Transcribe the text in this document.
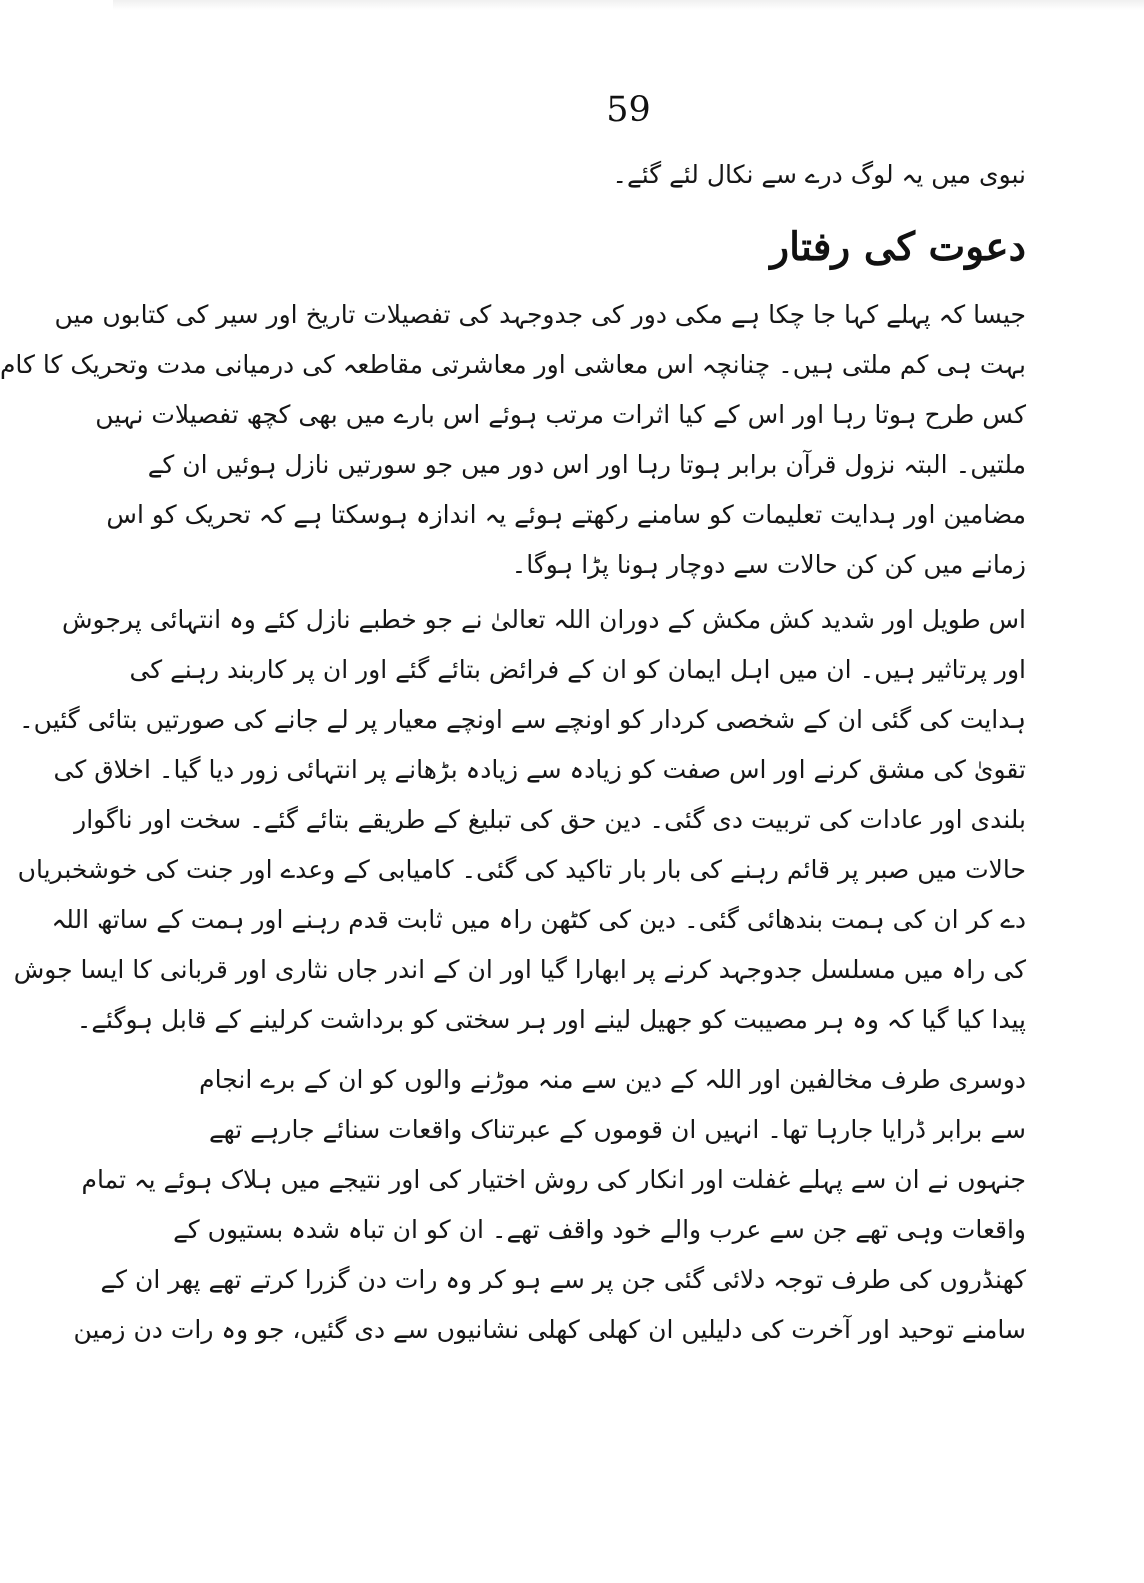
59
نبوی میں یہ لوگ درے سے نکال لئے گئے۔
دعوت کی رفتار
جیسا کہ پہلے کہا جا چکا ہے مکی دور کی جدوجہد کی تفصیلات تاریخ اور سیر کی کتابوں میں
بہت ہی کم ملتی ہیں۔ چنانچہ اس معاشی اور معاشرتی مقاطعہ کی درمیانی مدت وتحریک کا کام
کس طرح ہوتا رہا اور اس کے کیا اثرات مرتب ہوئے اس بارے میں بھی کچھ تفصیلات نہیں
ملتیں۔ البتہ نزول قرآن برابر ہوتا رہا اور اس دور میں جو سورتیں نازل ہوئیں ان کے
مضامین اور ہدایت تعلیمات کو سامنے رکھتے ہوئے یہ اندازہ ہوسکتا ہے کہ تحریک کو اس
زمانے میں کن کن حالات سے دوچار ہونا پڑا ہوگا۔
اس طویل اور شدید کش مکش کے دوران اللہ تعالیٰ نے جو خطبے نازل کئے وہ انتہائی پرجوش
اور پرتاثیر ہیں۔ ان میں اہل ایمان کو ان کے فرائض بتائے گئے اور ان پر کاربند رہنے کی
ہدایت کی گئی ان کے شخصی کردار کو اونچے سے اونچے معیار پر لے جانے کی صورتیں بتائی گئیں۔
تقویٰ کی مشق کرنے اور اس صفت کو زیادہ سے زیادہ بڑھانے پر انتہائی زور دیا گیا۔ اخلاق کی
بلندی اور عادات کی تربیت دی گئی۔ دین حق کی تبلیغ کے طریقے بتائے گئے۔ سخت اور ناگوار
حالات میں صبر پر قائم رہنے کی بار بار تاکید کی گئی۔ کامیابی کے وعدے اور جنت کی خوشخبریاں
دے کر ان کی ہمت بندھائی گئی۔ دین کی کٹھن راہ میں ثابت قدم رہنے اور ہمت کے ساتھ اللہ
کی راہ میں مسلسل جدوجہد کرنے پر ابھارا گیا اور ان کے اندر جاں نثاری اور قربانی کا ایسا جوش
پیدا کیا گیا کہ وہ ہر مصیبت کو جھیل لینے اور ہر سختی کو برداشت کرلینے کے قابل ہوگئے۔
دوسری طرف مخالفین اور اللہ کے دین سے منہ موڑنے والوں کو ان کے برے انجام
سے برابر ڈرایا جارہا تھا۔ انہیں ان قوموں کے عبرتناک واقعات سنائے جارہے تھے
جنہوں نے ان سے پہلے غفلت اور انکار کی روش اختیار کی اور نتیجے میں ہلاک ہوئے یہ تمام
واقعات وہی تھے جن سے عرب والے خود واقف تھے۔ ان کو ان تباہ شدہ بستیوں کے
کھنڈروں کی طرف توجہ دلائی گئی جن پر سے ہو کر وہ رات دن گزرا کرتے تھے پھر ان کے
سامنے توحید اور آخرت کی دلیلیں ان کھلی کھلی نشانیوں سے دی گئیں، جو وہ رات دن زمین
